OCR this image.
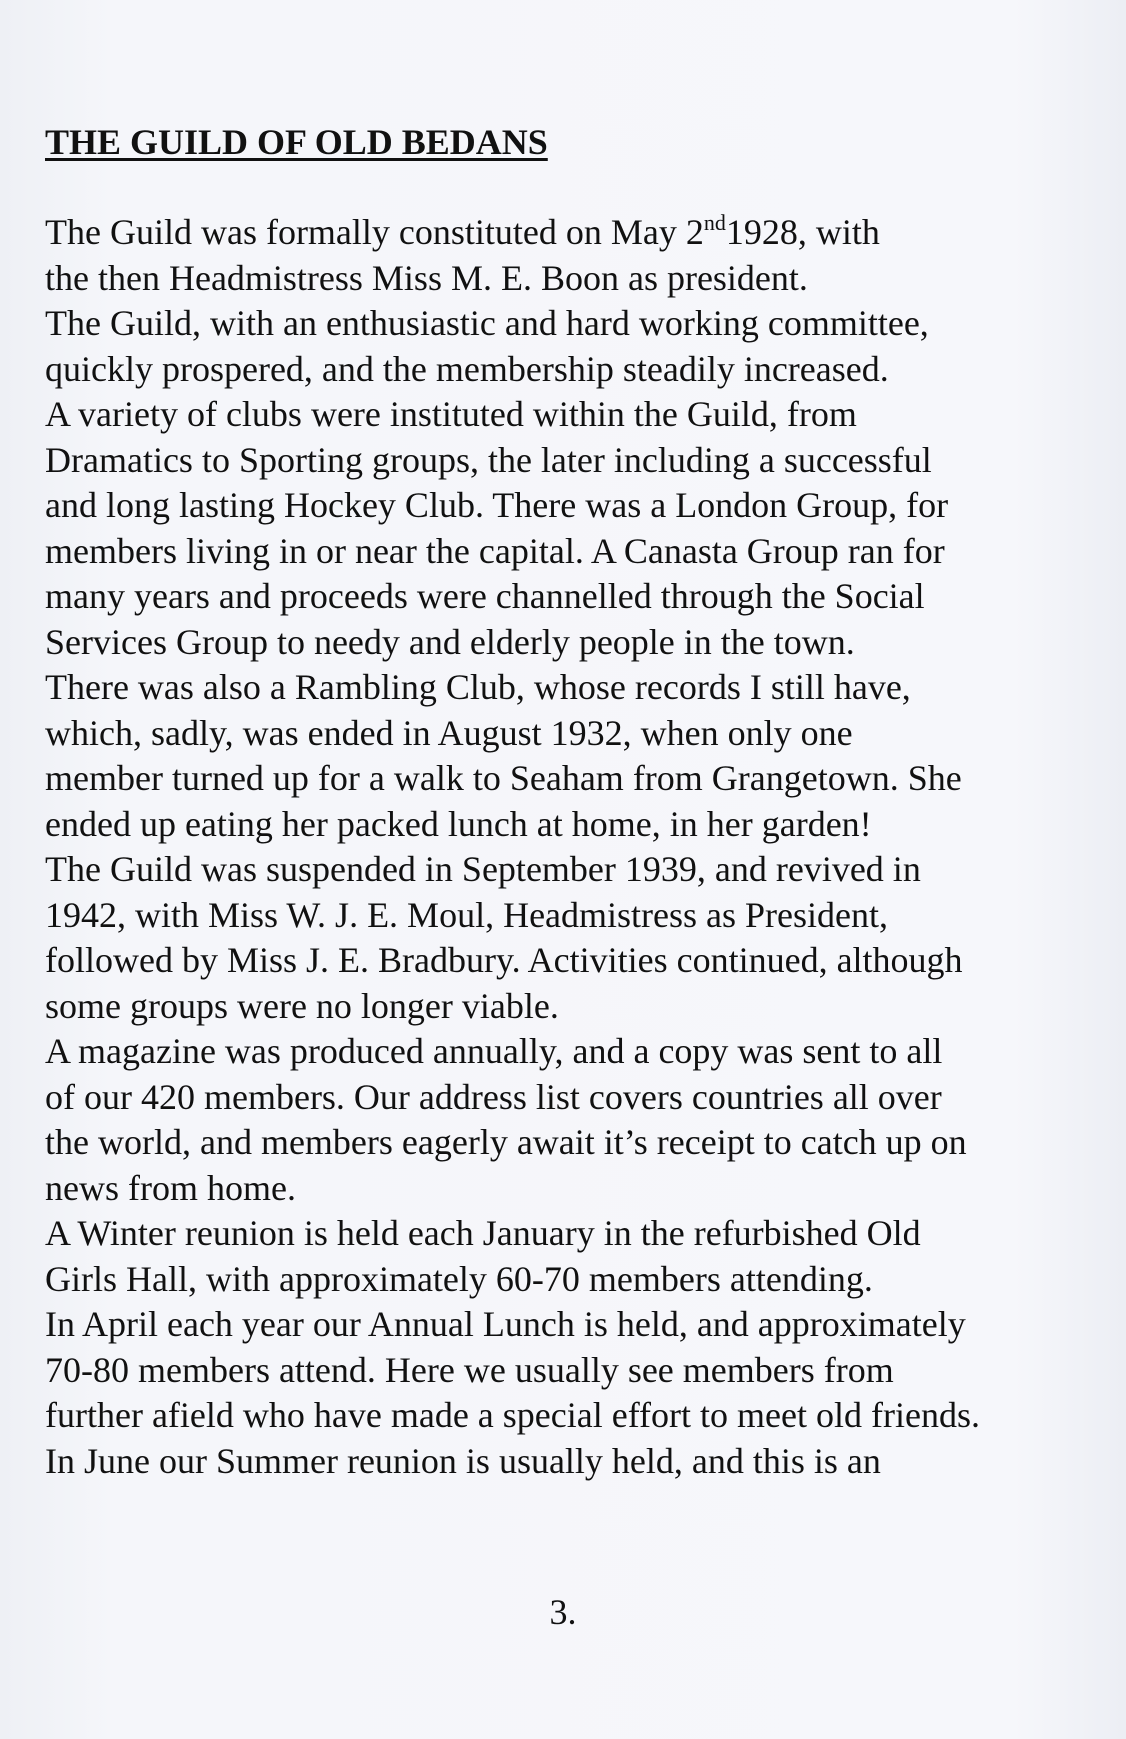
THE GUILD OF OLD BEDANS
The Guild was formally constituted on May 2nd1928, with
the then Headmistress Miss M. E. Boon as president.
The Guild, with an enthusiastic and hard working committee,
quickly prospered, and the membership steadily increased.
A variety of clubs were instituted within the Guild, from
Dramatics to Sporting groups, the later including a successful
and long lasting Hockey Club. There was a London Group, for
members living in or near the capital. A Canasta Group ran for
many years and proceeds were channelled through the Social
Services Group to needy and elderly people in the town.
There was also a Rambling Club, whose records I still have,
which, sadly, was ended in August 1932, when only one
member turned up for a walk to Seaham from Grangetown. She
ended up eating her packed lunch at home, in her garden!
The Guild was suspended in September 1939, and revived in
1942, with Miss W. J. E. Moul, Headmistress as President,
followed by Miss J. E. Bradbury. Activities continued, although
some groups were no longer viable.
A magazine was produced annually, and a copy was sent to all
of our 420 members. Our address list covers countries all over
the world, and members eagerly await it’s receipt to catch up on
news from home.
A Winter reunion is held each January in the refurbished Old
Girls Hall, with approximately 60-70 members attending.
In April each year our Annual Lunch is held, and approximately
70-80 members attend. Here we usually see members from
further afield who have made a special effort to meet old friends.
In June our Summer reunion is usually held, and this is an
3.
